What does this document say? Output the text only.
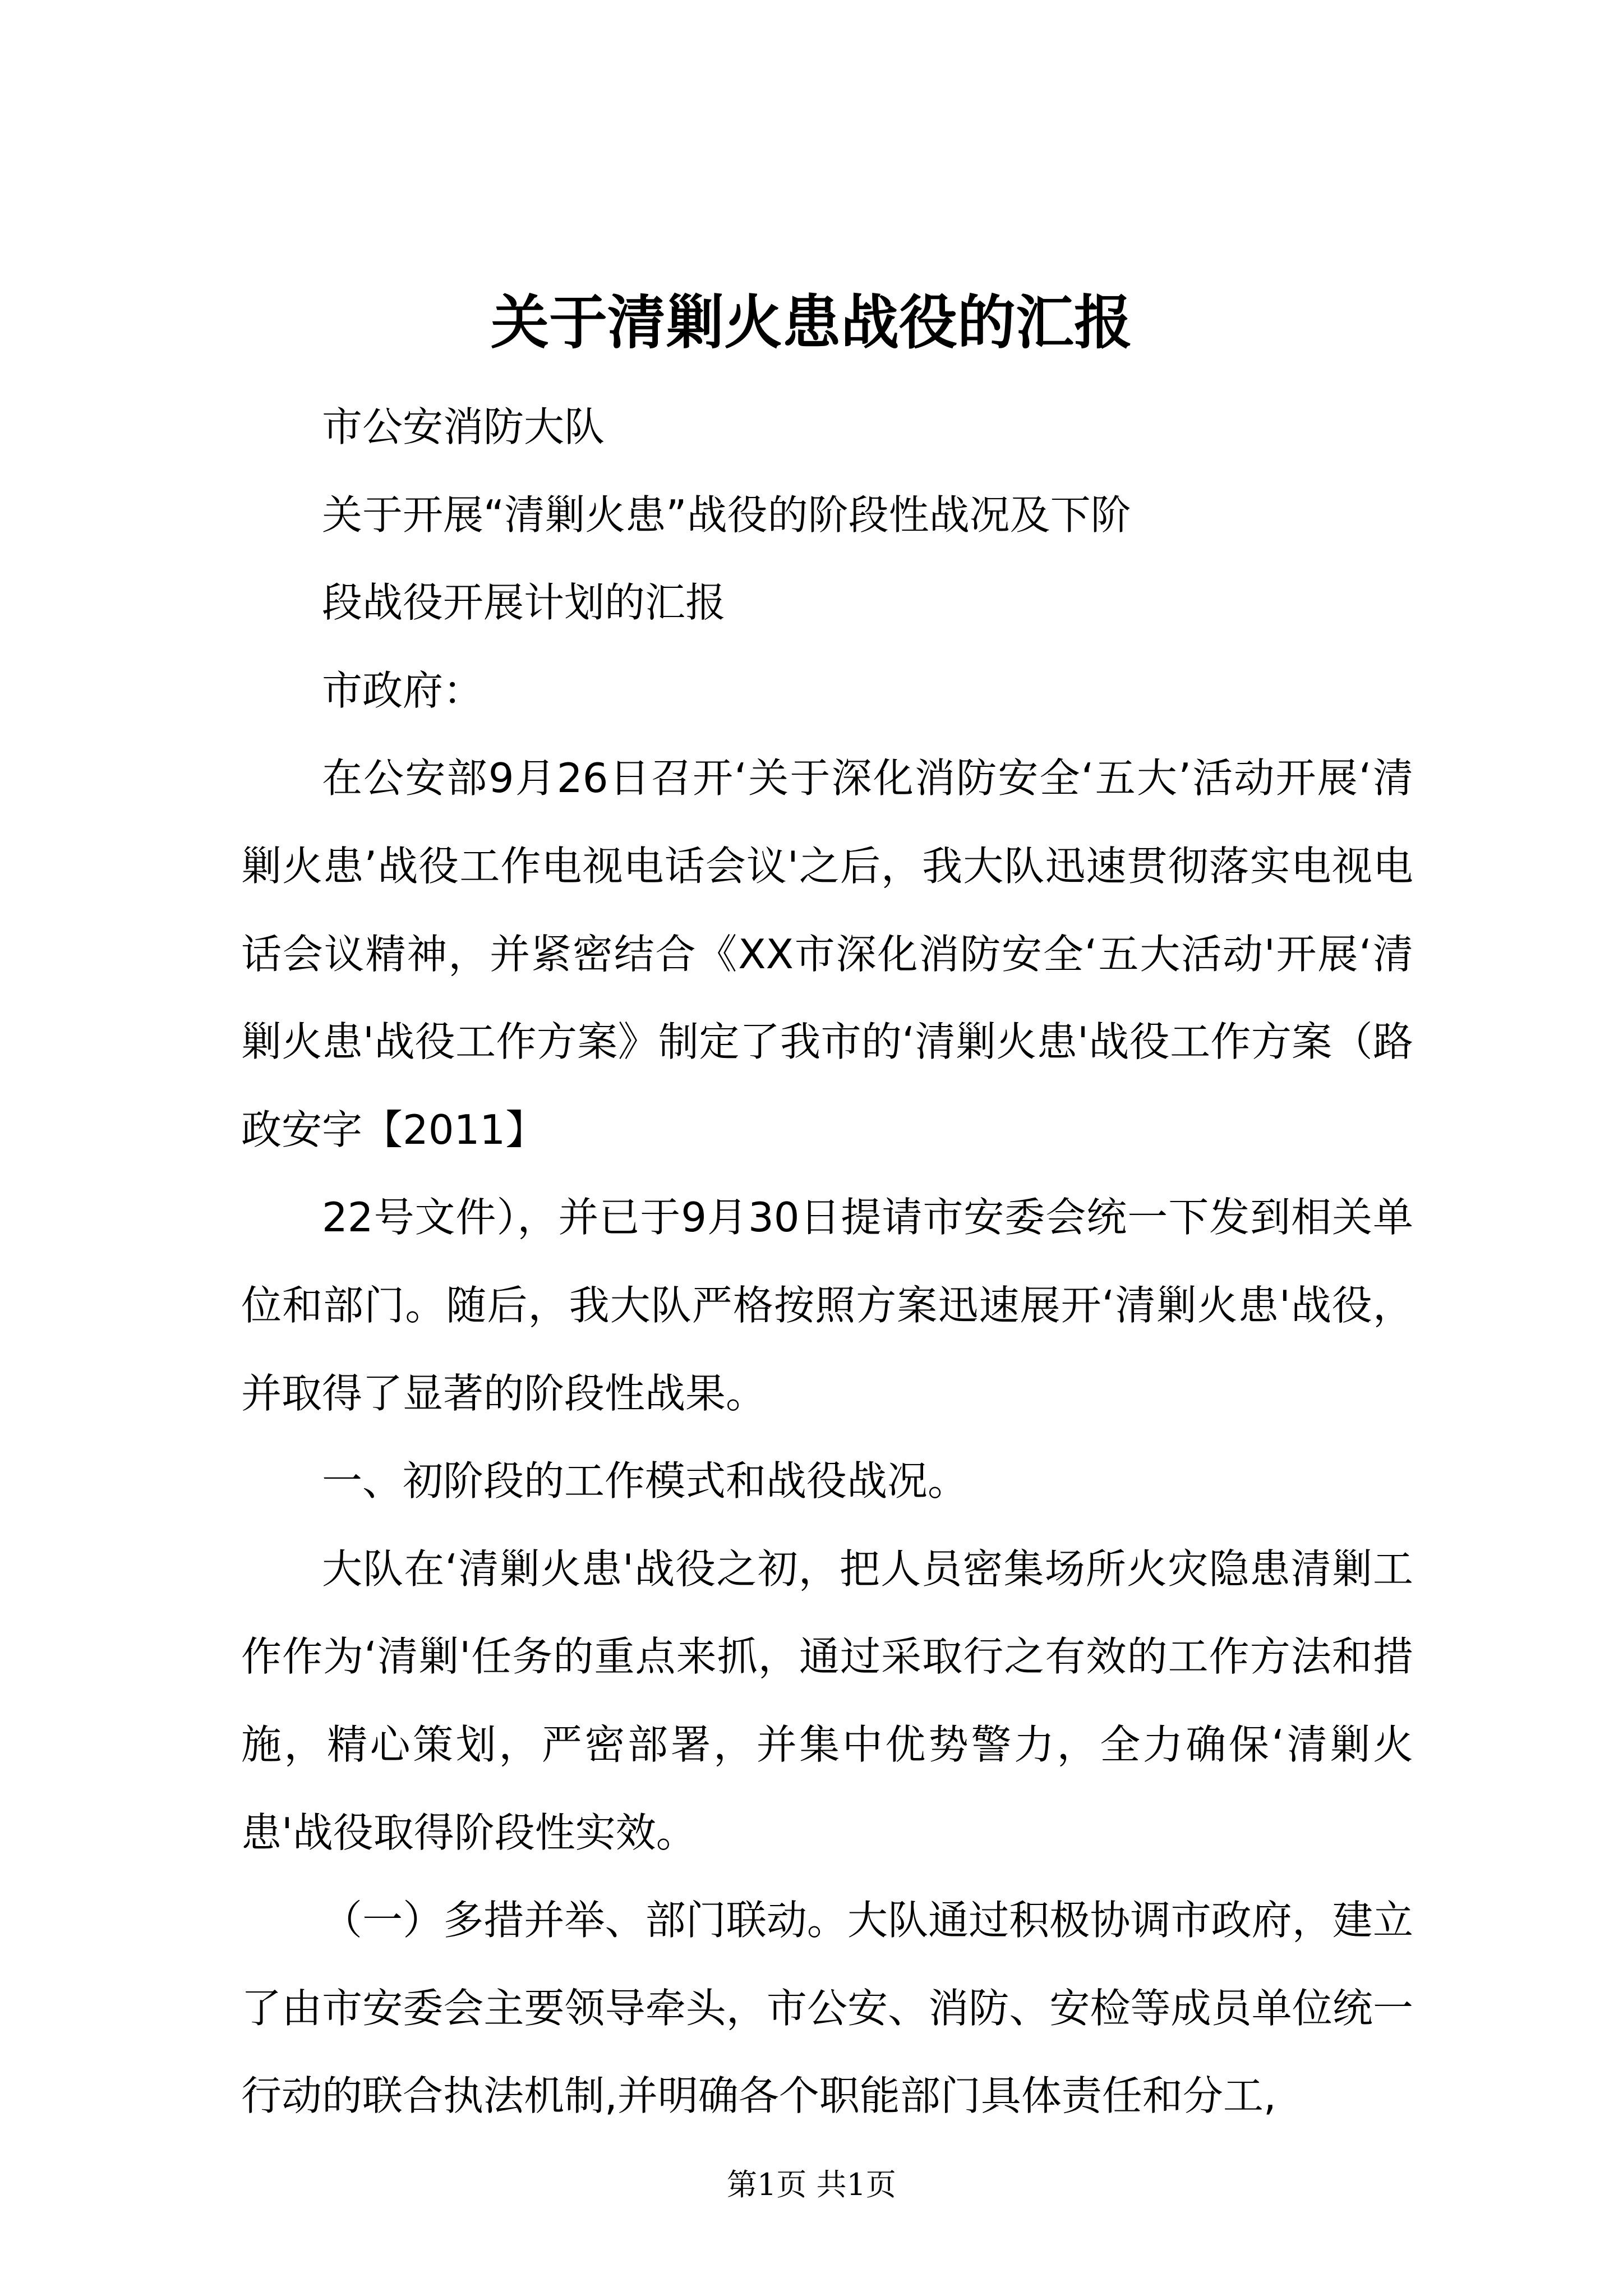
关于清剿火患战役的汇报

市公安消防大队

关于开展“清剿火患”战役的阶段性战况及下阶

段战役开展计划的汇报

市政府：

在公安部9月26日召开‘关于深化消防安全‘五大’活动开展‘清剿火患’战役工作电视电话会议'之后，我大队迅速贯彻落实电视电话会议精神，并紧密结合《XX市深化消防安全‘五大活动'开展‘清剿火患'战役工作方案》制定了我市的‘清剿火患'战役工作方案（路政安字【2011】

22号文件），并已于9月30日提请市安委会统一下发到相关单位和部门。随后，我大队严格按照方案迅速展开‘清剿火患'战役，并取得了显著的阶段性战果。

一、初阶段的工作模式和战役战况。

大队在‘清剿火患'战役之初，把人员密集场所火灾隐患清剿工作作为‘清剿'任务的重点来抓，通过采取行之有效的工作方法和措施，精心策划，严密部署，并集中优势警力，全力确保‘清剿火患'战役取得阶段性实效。

（一）多措并举、部门联动。大队通过积极协调市政府，建立了由市安委会主要领导牵头，市公安、消防、安检等成员单位统一行动的联合执法机制,并明确各个职能部门具体责任和分工,

第1页 共1页
